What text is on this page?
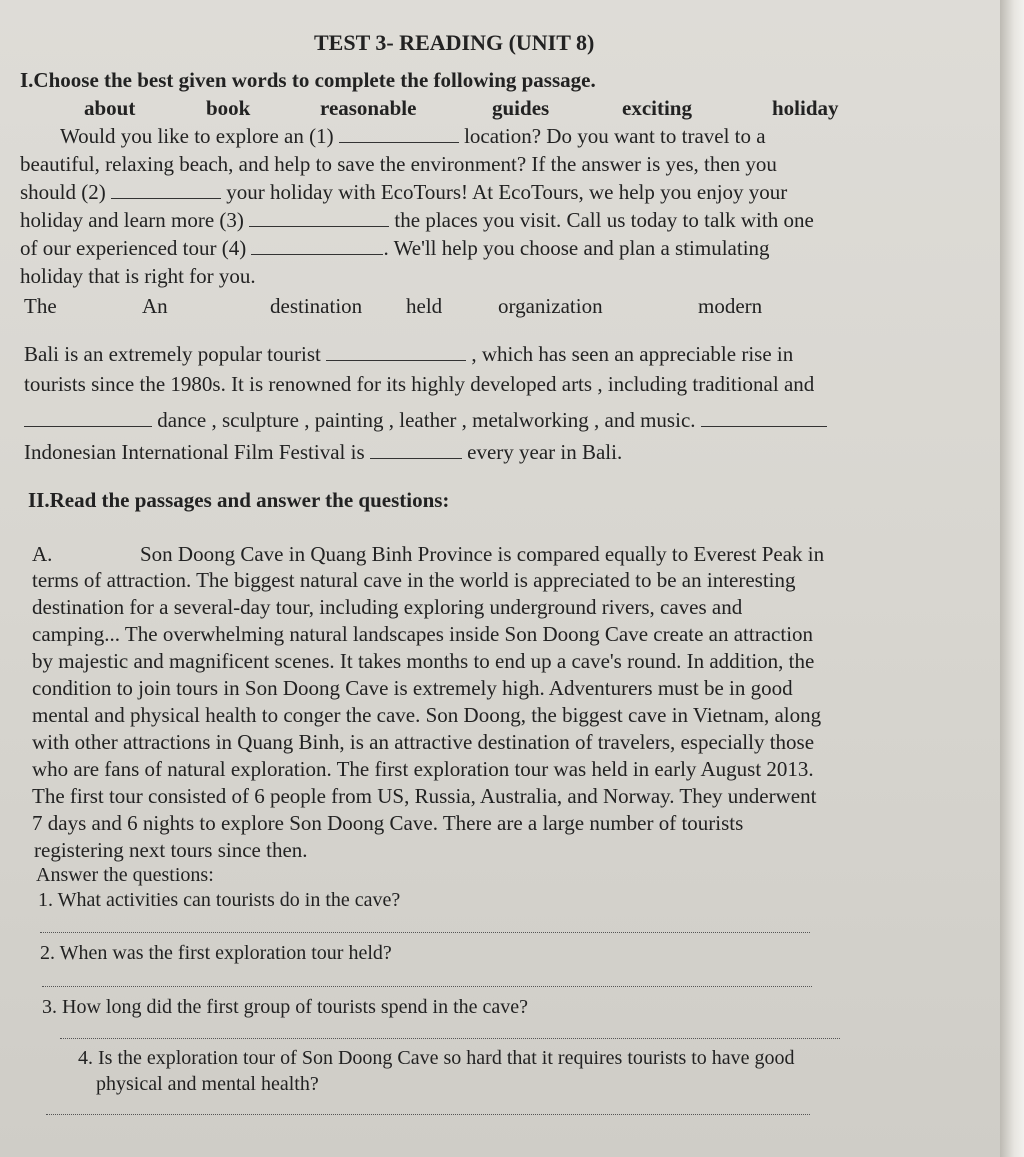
TEST 3- READING (UNIT 8)
I.Choose the best given words to complete the following passage.
about	book	reasonable	guides	exciting	holiday
Would you like to explore an (1)	location? Do you want to travel to a
beautiful, relaxing beach, and help to save the environment? If the answer is yes, then you
should (2)	your holiday with EcoTours! At EcoTours, we help you enjoy your
holiday and learn more (3)	the places you visit. Call us today to talk with one
of our experienced tour (4)	. We'll help you choose and plan a stimulating
holiday that is right for you.
The	An	destination held	organization	modern
Bali is an extremely popular tourist	, which has seen an appreciable rise in
tourists since the 1980s. It is renowned for its highly developed arts , including traditional and
dance , sculpture , painting , leather , metalworking , and music.
Indonesian International Film Festival is	every year in Bali.
II.Read the passages and answer the questions:
A.	Son Doong Cave in Quang Binh Province is compared equally to Everest Peak in
terms of attraction. The biggest natural cave in the world is appreciated to be an interesting
destination for a several-day tour, including exploring underground rivers, caves and
camping... The overwhelming natural landscapes inside Son Doong Cave create an attraction
by majestic and magnificent scenes. It takes months to end up a cave's round. In addition, the
condition to join tours in Son Doong Cave is extremely high. Adventurers must be in good
mental and physical health to conger the cave. Son Doong, the biggest cave in Vietnam, along
with other attractions in Quang Binh, is an attractive destination of travelers, especially those
who are fans of natural exploration. The first exploration tour was held in early August 2013.
The first tour consisted of 6 people from US, Russia, Australia, and Norway. They underwent
7 days and 6 nights to explore Son Doong Cave. There are a large number of tourists
registering next tours since then.
Answer the questions:
1. What activities can tourists do in the cave?
2. When was the first exploration tour held?
3. How long did the first group of tourists spend in the cave?
4. Is the exploration tour of Son Doong Cave so hard that it requires tourists to have good
physical and mental health?
